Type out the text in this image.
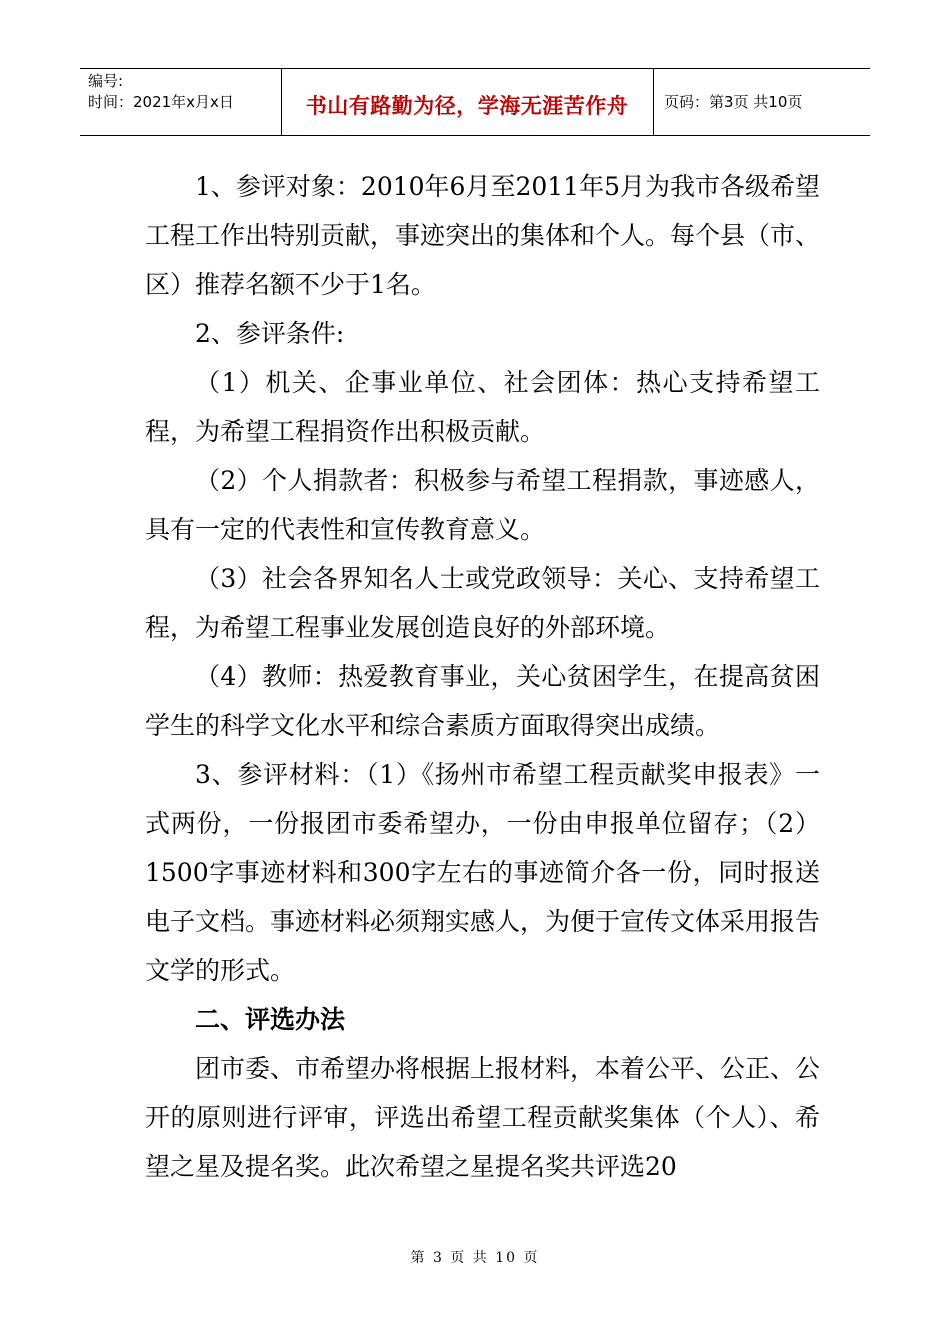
编号:
时间：2021年x月x日	书山有路勤为径，学海无涯苦作舟	页码：第3页 共10页

1、参评对象：2010年6月至2011年5月为我市各级希望工程工作出特别贡献，事迹突出的集体和个人。每个县（市、区）推荐名额不少于1名。

2、参评条件:

（1）机关、企事业单位、社会团体：热心支持希望工程，为希望工程捐资作出积极贡献。

（2）个人捐款者：积极参与希望工程捐款，事迹感人，具有一定的代表性和宣传教育意义。

（3）社会各界知名人士或党政领导：关心、支持希望工程，为希望工程事业发展创造良好的外部环境。

（4）教师：热爱教育事业，关心贫困学生，在提高贫困学生的科学文化水平和综合素质方面取得突出成绩。

3、参评材料：（1）《扬州市希望工程贡献奖申报表》一式两份，一份报团市委希望办，一份由申报单位留存；（2）1500字事迹材料和300字左右的事迹简介各一份，同时报送电子文档。事迹材料必须翔实感人，为便于宣传文体采用报告文学的形式。

二、评选办法

团市委、市希望办将根据上报材料，本着公平、公正、公开的原则进行评审，评选出希望工程贡献奖集体（个人）、希望之星及提名奖。此次希望之星提名奖共评选20

第 3 页 共 10 页
